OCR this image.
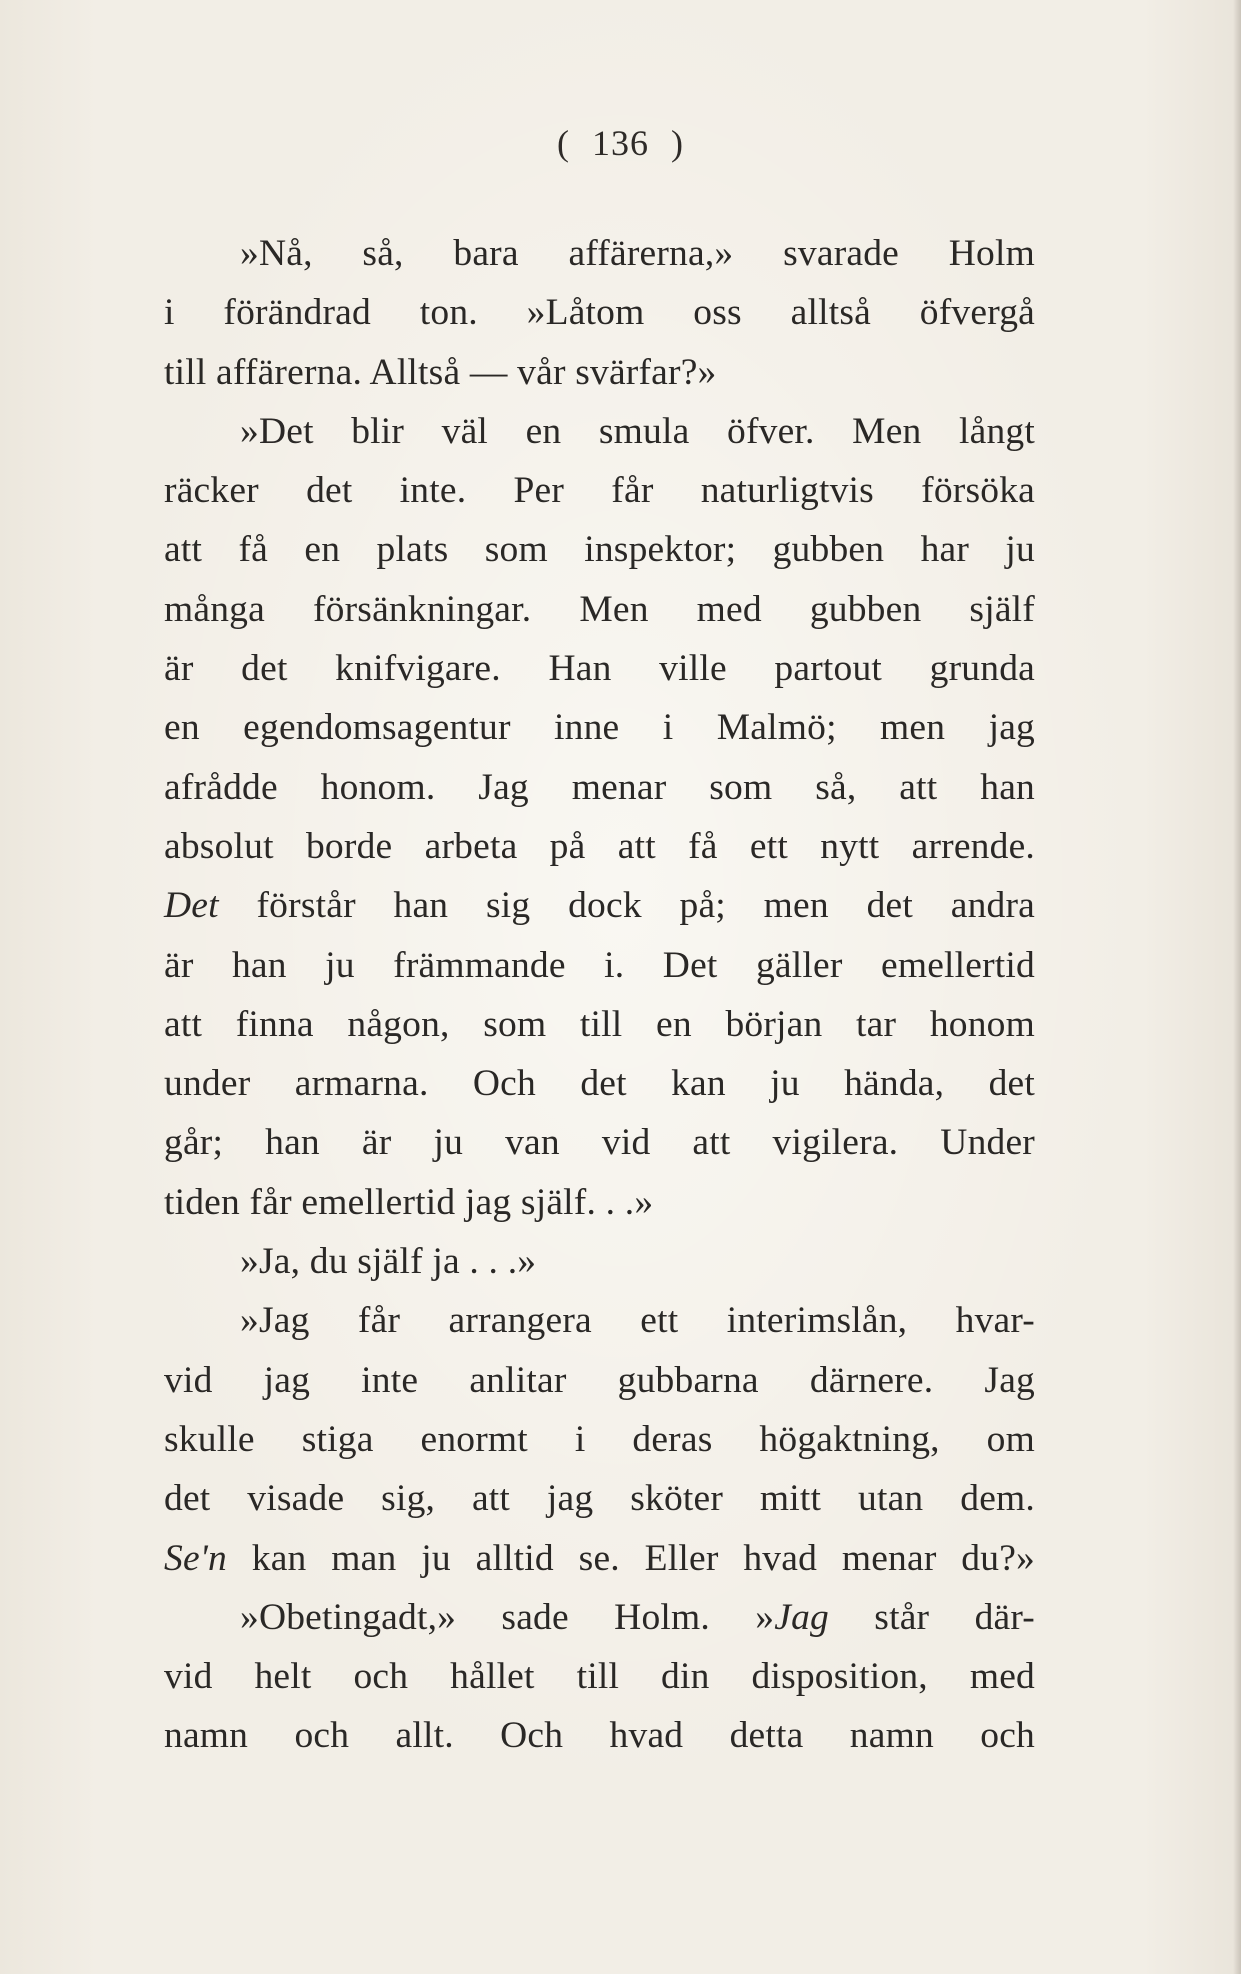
( 136 )
»Nå, så, bara affärerna,» svarade Holm
i förändrad ton. »Låtom oss alltså öfvergå
till affärerna. Alltså — vår svärfar?»
»Det blir väl en smula öfver. Men långt
räcker det inte. Per får naturligtvis försöka
att få en plats som inspektor; gubben har ju
många försänkningar. Men med gubben själf
är det knifvigare. Han ville partout grunda
en egendomsagentur inne i Malmö; men jag
afrådde honom. Jag menar som så, att han
absolut borde arbeta på att få ett nytt arrende.
Det förstår han sig dock på; men det andra
är han ju främmande i. Det gäller emellertid
att finna någon, som till en början tar honom
under armarna. Och det kan ju hända, det
går; han är ju van vid att vigilera. Under
tiden får emellertid jag själf. . .»
»Ja, du själf ja . . .»
»Jag får arrangera ett interimslån, hvar-
vid jag inte anlitar gubbarna därnere. Jag
skulle stiga enormt i deras högaktning, om
det visade sig, att jag sköter mitt utan dem.
Se'n kan man ju alltid se. Eller hvad menar du?»
»Obetingadt,» sade Holm. »Jag står där-
vid helt och hållet till din disposition, med
namn och allt. Och hvad detta namn och
